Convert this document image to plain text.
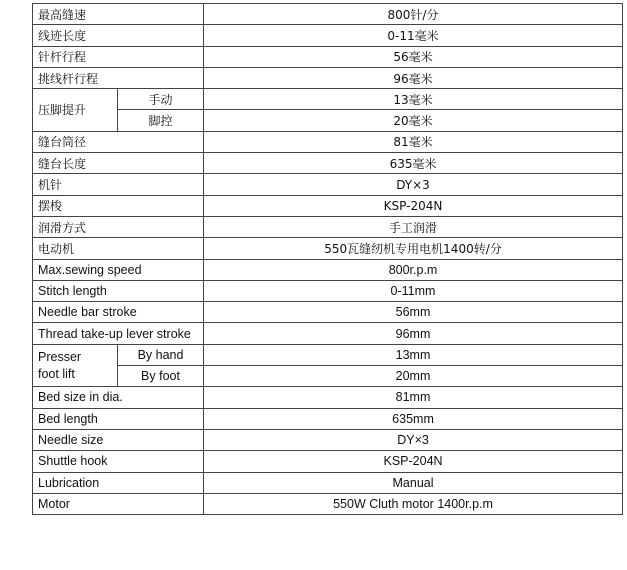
最高缝速		800针/分
线迹长度		0-11毫米
针杆行程		56毫米
挑线杆行程		96毫米
压脚提升	手动	13毫米
	脚控	20毫米
缝台筒径		81毫米
缝台长度		635毫米
机针		DY×3
摆梭		KSP-204N
润滑方式		手工润滑
电动机		550瓦缝纫机专用电机1400转/分
Max.sewing speed		800r.p.m
Stitch length		0-11mm
Needle bar stroke		56mm
Thread take-up lever stroke		96mm

Presser
foot lift	By hand	13mm
	By foot	20mm
Bed size in dia.		81mm
Bed length		635mm
Needle size		DY×3
Shuttle hook		KSP-204N
Lubrication		Manual
Motor		550W Cluth motor 1400r.p.m
